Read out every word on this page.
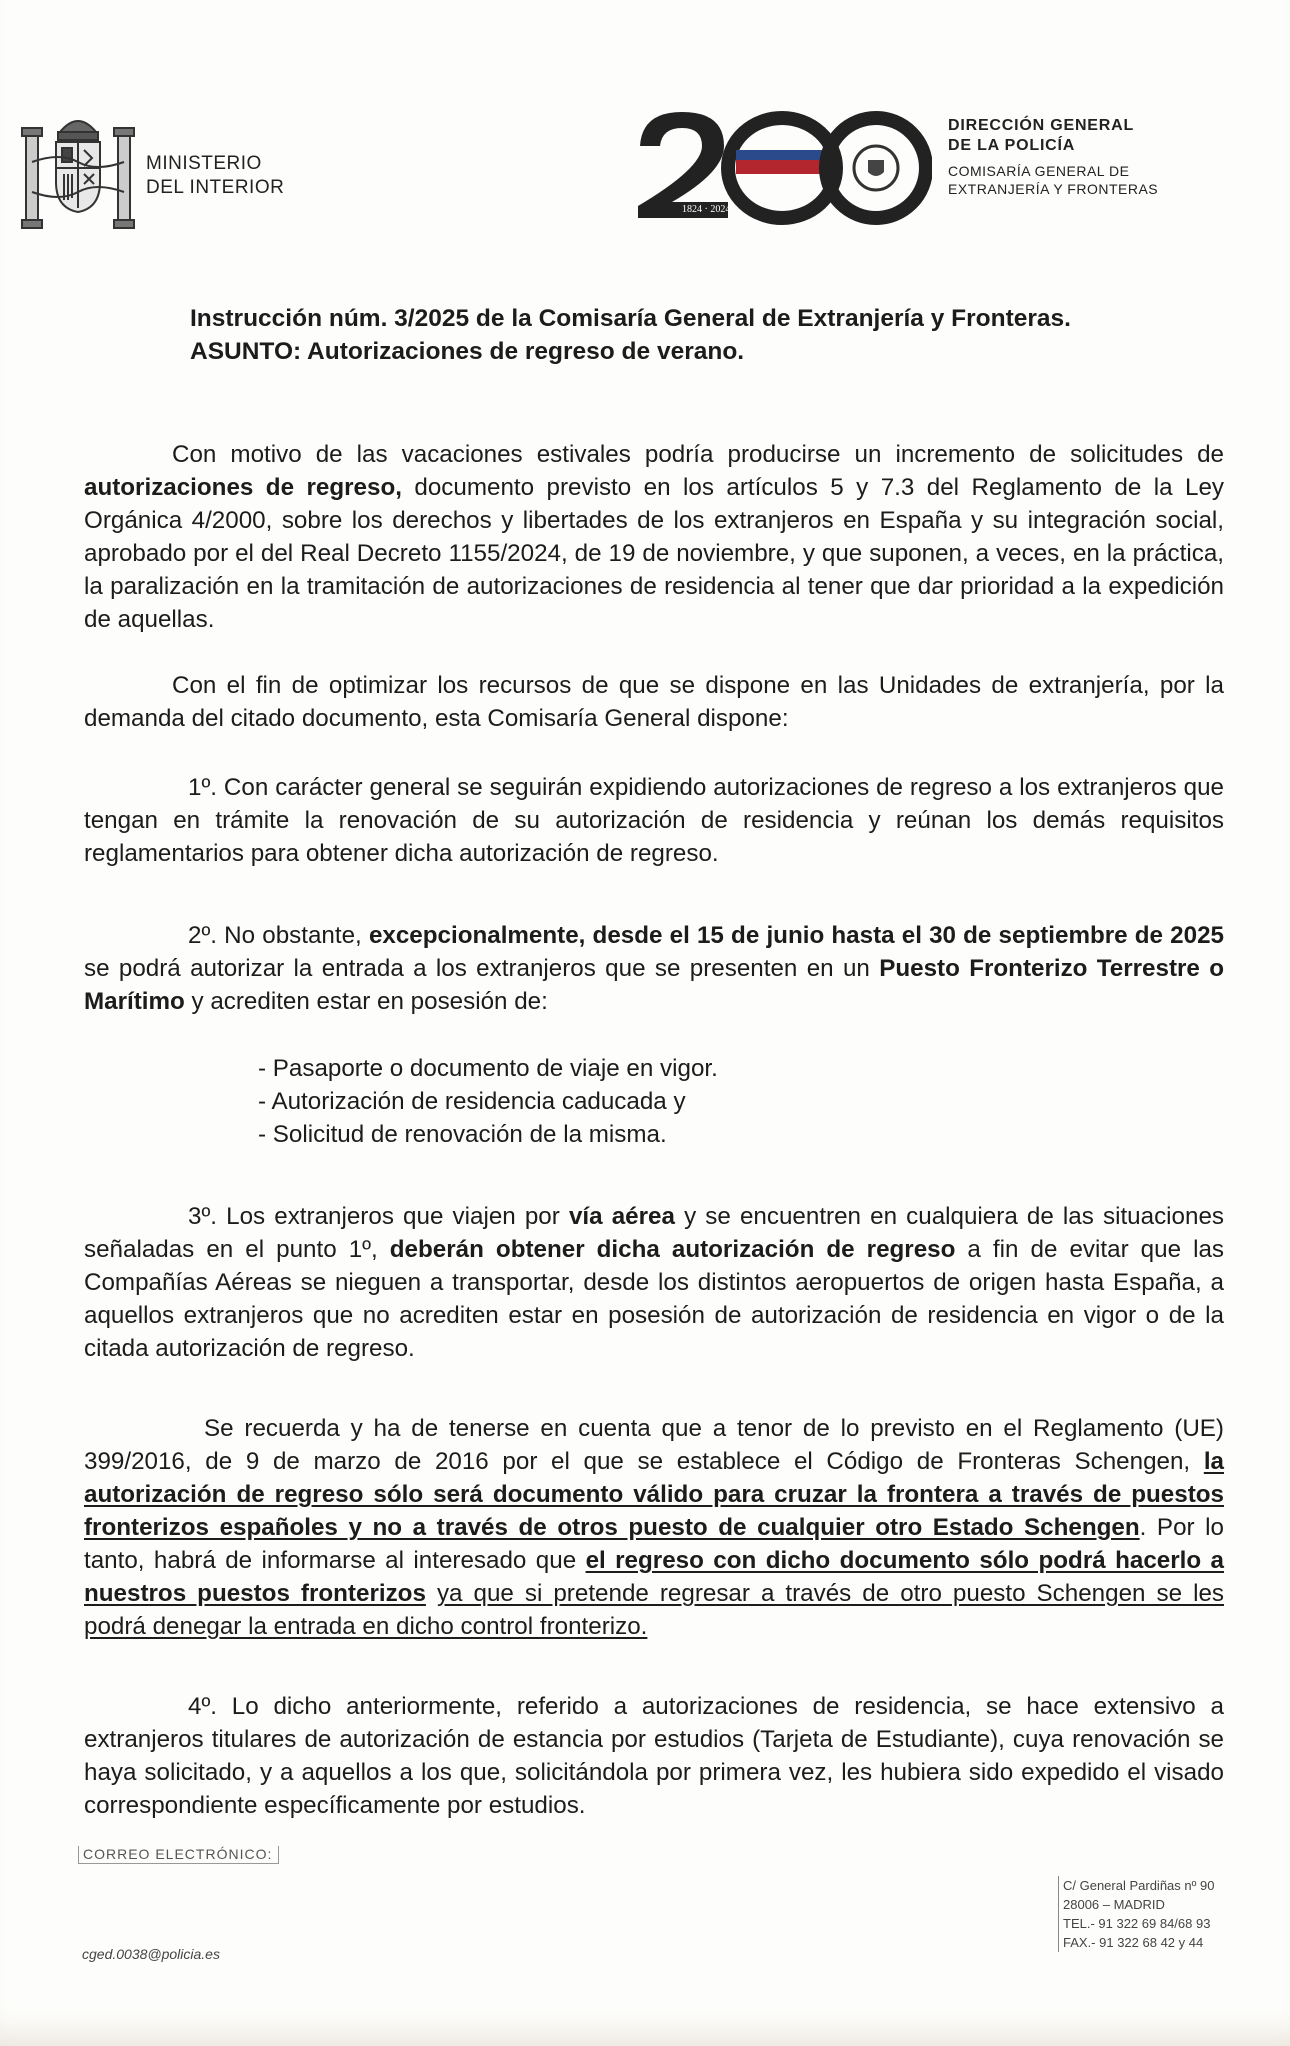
MINISTERIO
DEL INTERIOR
1824 · 2024
DIRECCIÓN GENERAL
DE LA POLICÍA
COMISARÍA GENERAL DE
EXTRANJERÍA Y FRONTERAS
Instrucción núm. 3/2025 de la Comisaría General de Extranjería y Fronteras.
ASUNTO: Autorizaciones de regreso de verano.
Con motivo de las vacaciones estivales podría producirse un incremento de solicitudes de autorizaciones de regreso, documento previsto en los artículos 5 y 7.3 del Reglamento de la Ley Orgánica 4/2000, sobre los derechos y libertades de los extranjeros en España y su integración social, aprobado por el del Real Decreto 1155/2024, de 19 de noviembre, y que suponen, a veces, en la práctica, la paralización en la tramitación de autorizaciones de residencia al tener que dar prioridad a la expedición de aquellas.
Con el fin de optimizar los recursos de que se dispone en las Unidades de extranjería, por la demanda del citado documento, esta Comisaría General dispone:
1º. Con carácter general se seguirán expidiendo autorizaciones de regreso a los extranjeros que tengan en trámite la renovación de su autorización de residencia y reúnan los demás requisitos reglamentarios para obtener dicha autorización de regreso.
2º. No obstante, excepcionalmente, desde el 15 de junio hasta el 30 de septiembre de 2025 se podrá autorizar la entrada a los extranjeros que se presenten en un Puesto Fronterizo Terrestre o Marítimo y acrediten estar en posesión de:
- Pasaporte o documento de viaje en vigor.
- Autorización de residencia caducada y
- Solicitud de renovación de la misma.
3º. Los extranjeros que viajen por vía aérea y se encuentren en cualquiera de las situaciones señaladas en el punto 1º, deberán obtener dicha autorización de regreso a fin de evitar que las Compañías Aéreas se nieguen a transportar, desde los distintos aeropuertos de origen hasta España, a aquellos extranjeros que no acrediten estar en posesión de autorización de residencia en vigor o de la citada autorización de regreso.
Se recuerda y ha de tenerse en cuenta que a tenor de lo previsto en el Reglamento (UE) 399/2016, de 9 de marzo de 2016 por el que se establece el Código de Fronteras Schengen, la autorización de regreso sólo será documento válido para cruzar la frontera a través de puestos fronterizos españoles y no a través de otros puesto de cualquier otro Estado Schengen. Por lo tanto, habrá de informarse al interesado que el regreso con dicho documento sólo podrá hacerlo a nuestros puestos fronterizos ya que si pretende regresar a través de otro puesto Schengen se les podrá denegar la entrada en dicho control fronterizo.
4º. Lo dicho anteriormente, referido a autorizaciones de residencia, se hace extensivo a extranjeros titulares de autorización de estancia por estudios (Tarjeta de Estudiante), cuya renovación se haya solicitado, y a aquellos a los que, solicitándola por primera vez, les hubiera sido expedido el visado correspondiente específicamente por estudios.
CORREO ELECTRÓNICO:
cged.0038@policia.es
C/ General Pardiñas nº 90
28006 – MADRID
TEL.- 91 322 69 84/68 93
FAX.- 91 322 68 42 y 44
